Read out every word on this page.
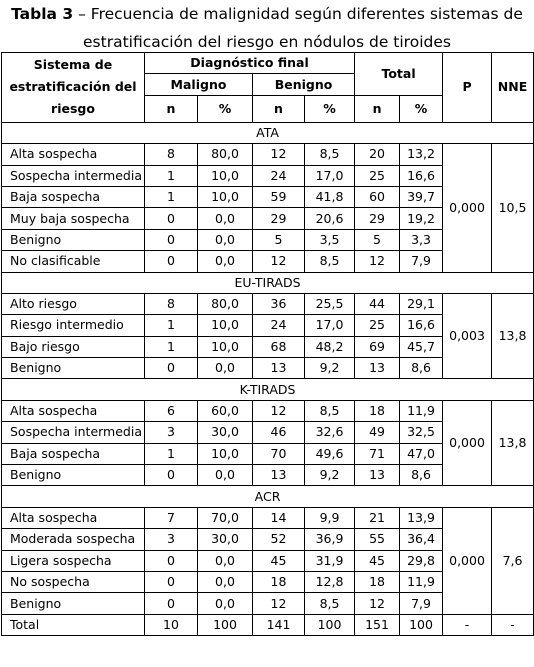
Tabla 3 – Frecuencia de malignidad según diferentes sistemas de estratificación del riesgo en nódulos de tiroides
Sistema de estratificación del riesgo	Diagnóstico final				Total		P	NNE
	Maligno		Benigno					
	n	%	n	%	n	%		
ATA								
Alta sospecha	8	80,0	12	8,5	20	13,2	0,000	10,5
Sospecha intermedia	1	10,0	24	17,0	25	16,6		
Baja sospecha	1	10,0	59	41,8	60	39,7		
Muy baja sospecha	0	0,0	29	20,6	29	19,2		
Benigno	0	0,0	5	3,5	5	3,3		
No clasificable	0	0,0	12	8,5	12	7,9		
EU-TIRADS								
Alto riesgo	8	80,0	36	25,5	44	29,1	0,003	13,8
Riesgo intermedio	1	10,0	24	17,0	25	16,6		
Bajo riesgo	1	10,0	68	48,2	69	45,7		
Benigno	0	0,0	13	9,2	13	8,6		
K-TIRADS								
Alta sospecha	6	60,0	12	8,5	18	11,9	0,000	13,8
Sospecha intermedia	3	30,0	46	32,6	49	32,5		
Baja sospecha	1	10,0	70	49,6	71	47,0		
Benigno	0	0,0	13	9,2	13	8,6		
ACR								
Alta sospecha	7	70,0	14	9,9	21	13,9	0,000	7,6
Moderada sospecha	3	30,0	52	36,9	55	36,4		
Ligera sospecha	0	0,0	45	31,9	45	29,8		
No sospecha	0	0,0	18	12,8	18	11,9		
Benigno	0	0,0	12	8,5	12	7,9		
Total	10	100	141	100	151	100	-	-
